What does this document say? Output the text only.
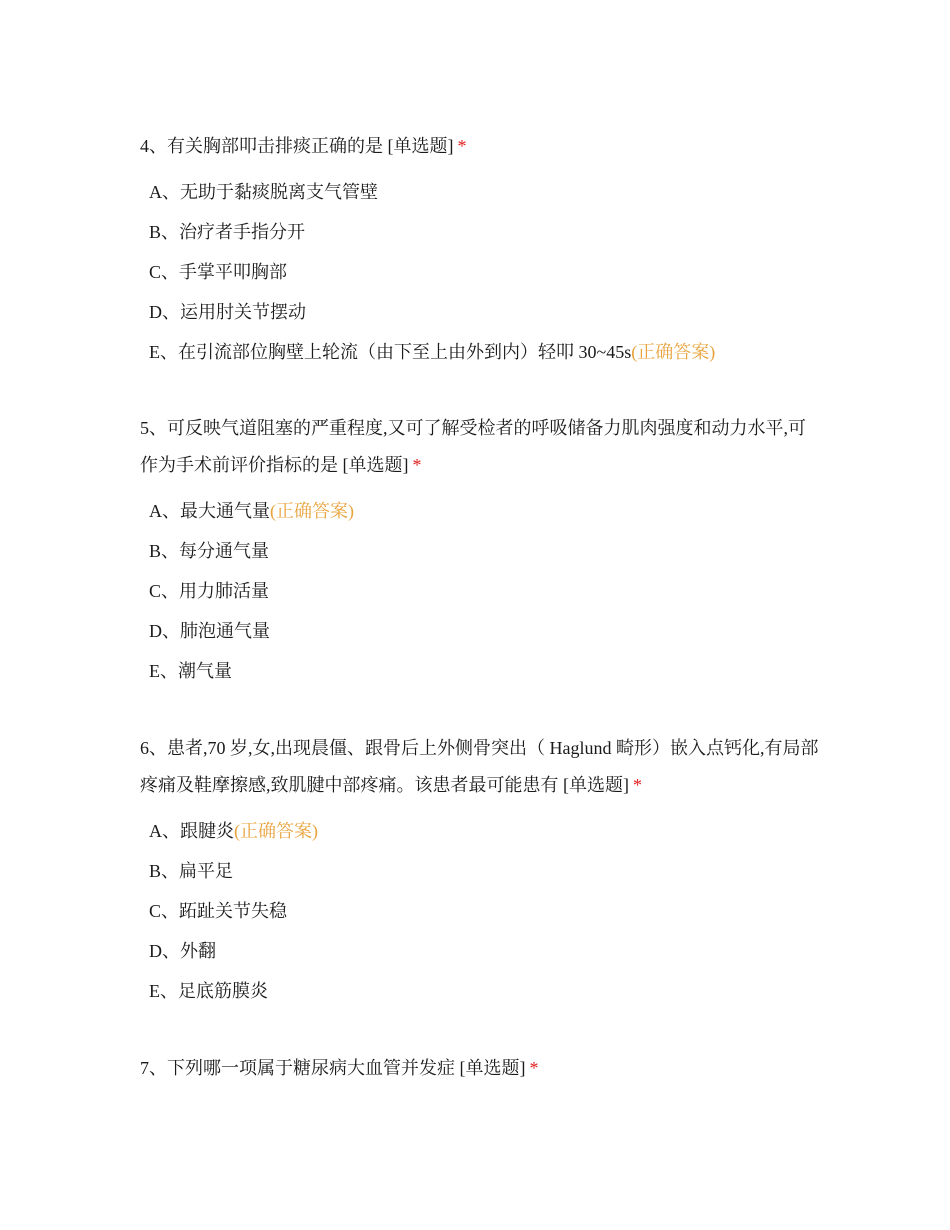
4、有关胸部叩击排痰正确的是 [单选题] *

A、无助于黏痰脱离支气管壁
B、治疗者手指分开
C、手掌平叩胸部
D、运用肘关节摆动
E、在引流部位胸壁上轮流（由下至上由外到内）轻叩 30~45s(正确答案)

5、可反映气道阻塞的严重程度,又可了解受检者的呼吸储备力肌肉强度和动力水平,可作为手术前评价指标的是 [单选题] *

A、最大通气量(正确答案)
B、每分通气量
C、用力肺活量
D、肺泡通气量
E、潮气量

6、患者,70 岁,女,出现晨僵、跟骨后上外侧骨突出（ Haglund 畸形）嵌入点钙化,有局部疼痛及鞋摩擦感,致肌腱中部疼痛。该患者最可能患有 [单选题] *

A、跟腱炎(正确答案)
B、扁平足
C、跖趾关节失稳
D、外翻
E、足底筋膜炎

7、下列哪一项属于糖尿病大血管并发症 [单选题] *
